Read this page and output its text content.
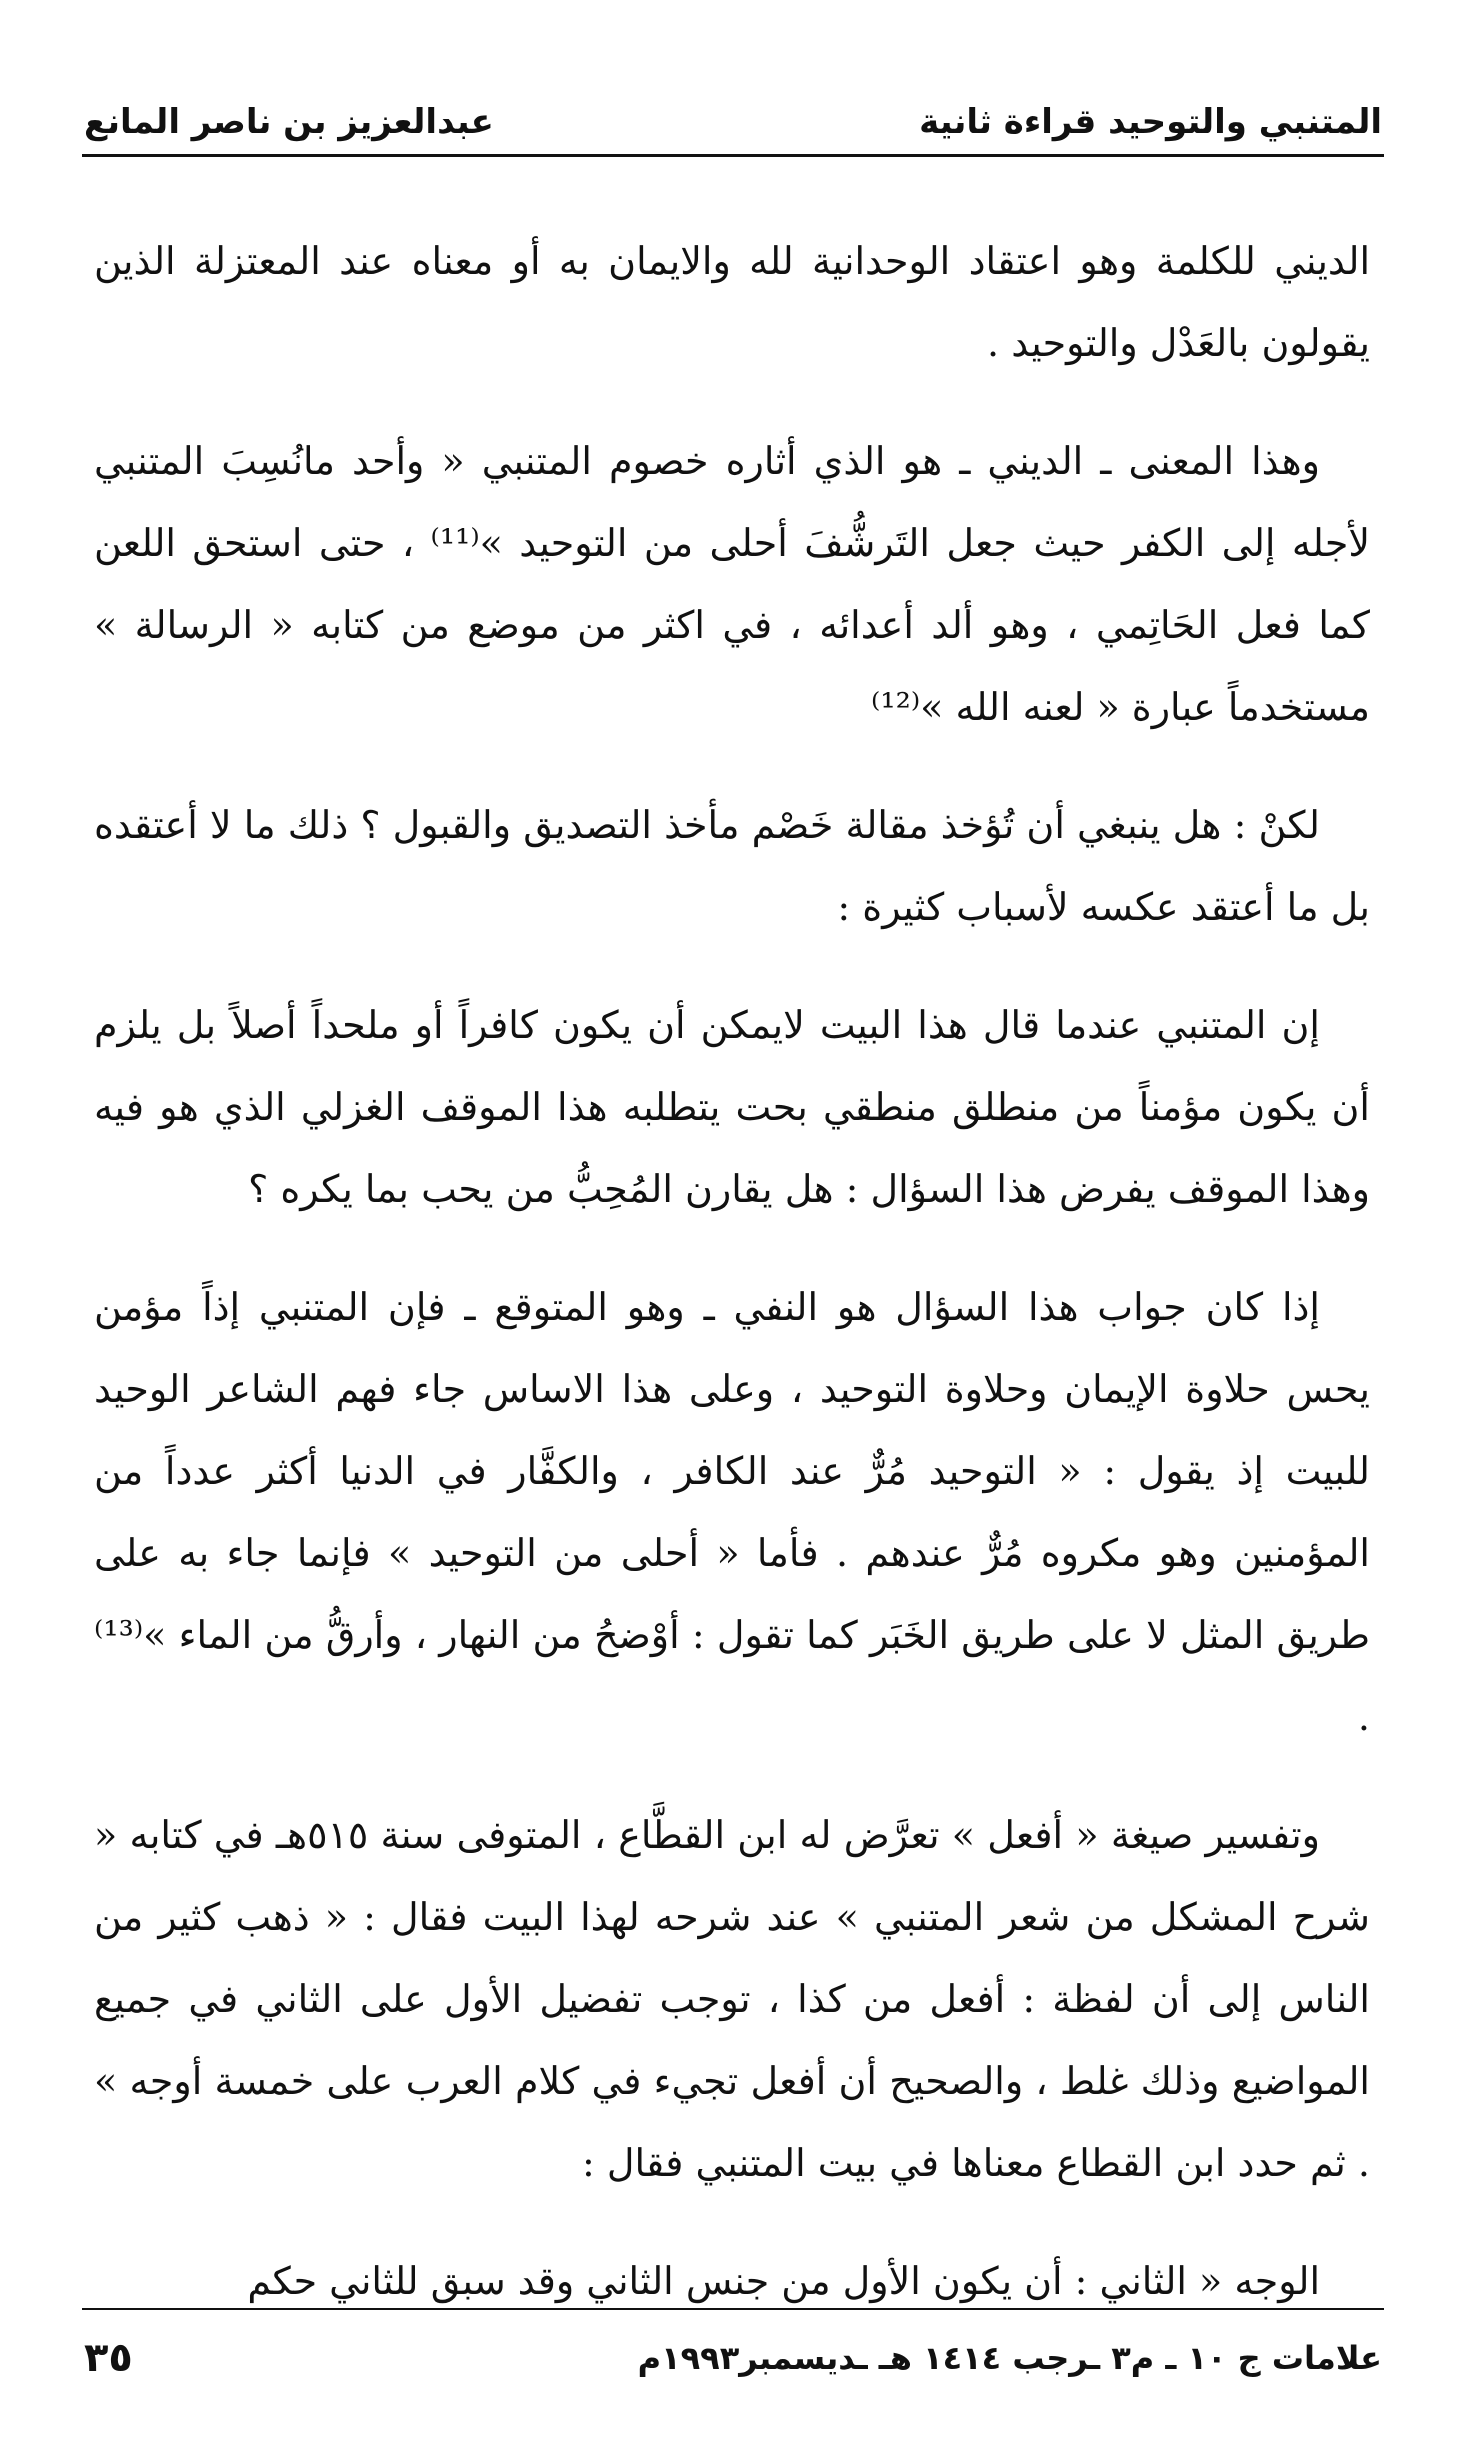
المتنبي والتوحيد قراءة ثانية
عبدالعزيز بن ناصر المانع

الديني للكلمة وهو اعتقاد الوحدانية لله والايمان به أو معناه عند المعتزلة الذين يقولون بالعَدْل والتوحيد .

وهذا المعنى ـ الديني ـ هو الذي أثاره خصوم المتنبي « وأحد مانُسِبَ المتنبي لأجله إلى الكفر حيث جعل التَرشُّفَ أحلى من التوحيد »⁽¹¹⁾ ، حتى استحق اللعن كما فعل الحَاتِمي ، وهو ألد أعدائه ، في اكثر من موضع من كتابه « الرسالة » مستخدماً عبارة « لعنه الله »⁽¹²⁾

لكنْ : هل ينبغي أن تُؤخذ مقالة خَصْم مأخذ التصديق والقبول ؟ ذلك ما لا أعتقده بل ما أعتقد عكسه لأسباب كثيرة :

إن المتنبي عندما قال هذا البيت لايمكن أن يكون كافراً أو ملحداً أصلاً بل يلزم أن يكون مؤمناً من منطلق منطقي بحت يتطلبه هذا الموقف الغزلي الذي هو فيه وهذا الموقف يفرض هذا السؤال : هل يقارن المُحِبُّ من يحب بما يكره ؟

إذا كان جواب هذا السؤال هو النفي ـ وهو المتوقع ـ فإن المتنبي إذاً مؤمن يحس حلاوة الإيمان وحلاوة التوحيد ، وعلى هذا الاساس جاء فهم الشاعر الوحيد للبيت إذ يقول : « التوحيد مُرٌّ عند الكافر ، والكفَّار في الدنيا أكثر عدداً من المؤمنين وهو مكروه مُرٌّ عندهم . فأما « أحلى من التوحيد » فإنما جاء به على طريق المثل لا على طريق الخَبَر كما تقول : أوْضحُ من النهار ، وأرقُّ من الماء »⁽¹³⁾ .

وتفسير صيغة « أفعل » تعرَّض له ابن القطَّاع ، المتوفى سنة ٥١٥هـ في كتابه « شرح المشكل من شعر المتنبي » عند شرحه لهذا البيت فقال : « ذهب كثير من الناس إلى أن لفظة : أفعل من كذا ، توجب تفضيل الأول على الثاني في جميع المواضيع وذلك غلط ، والصحيح أن أفعل تجيء في كلام العرب على خمسة أوجه » . ثم حدد ابن القطاع معناها في بيت المتنبي فقال :

الوجه « الثاني : أن يكون الأول من جنس الثاني وقد سبق للثاني حكم

علامات ج ١٠ ـ م٣ ـرجب ١٤١٤ هـ ـديسمبر١٩٩٣م
٣٥
